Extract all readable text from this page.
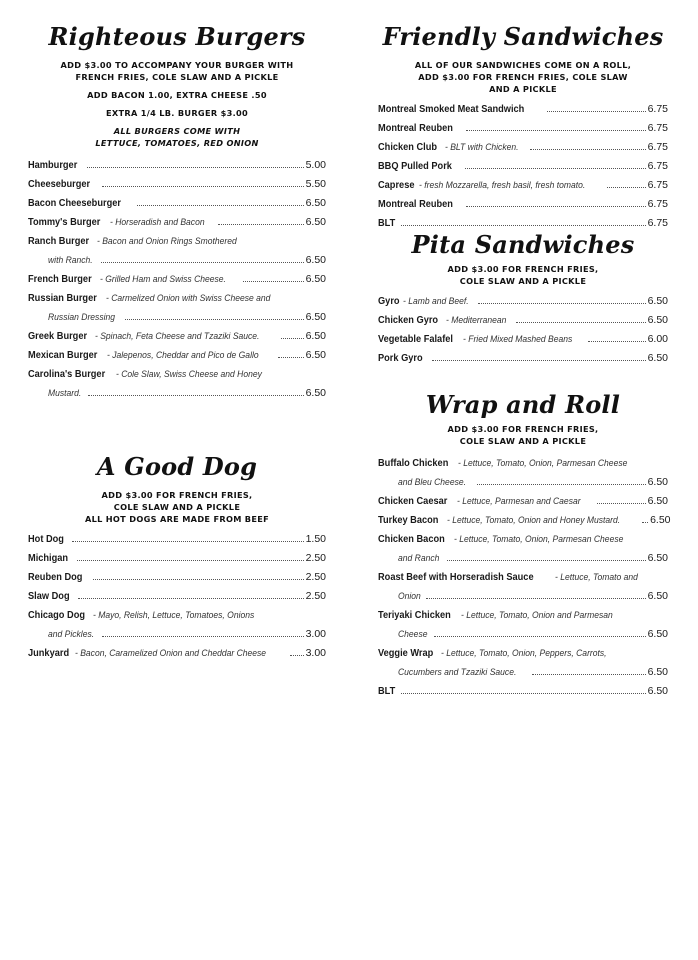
Righteous Burgers
ADD $3.00 TO ACCOMPANY YOUR BURGER WITH
FRENCH FRIES, COLE SLAW AND A PICKLE
ADD BACON 1.00, EXTRA CHEESE .50
EXTRA 1/4 LB. BURGER $3.00
ALL BURGERS COME WITH
LETTUCE, TOMATOES, RED ONION
Hamburger	5.00
Cheeseburger	5.50
Bacon Cheeseburger	6.50
Tommy's Burger - Horseradish and Bacon	6.50
Ranch Burger - Bacon and Onion Rings Smothered
with Ranch.	6.50
French Burger - Grilled Ham and Swiss Cheese.	6.50
Russian Burger - Carmelized Onion with Swiss Cheese and
Russian Dressing	6.50
Greek Burger - Spinach, Feta Cheese and Tzaziki Sauce.	6.50
Mexican Burger - Jalepenos, Cheddar and Pico de Gallo	6.50
Carolina's Burger - Cole Slaw, Swiss Cheese and Honey
Mustard.	6.50
A Good Dog
ADD $3.00 FOR FRENCH FRIES,
COLE SLAW AND A PICKLE
ALL HOT DOGS ARE MADE FROM BEEF
Hot Dog	1.50
Michigan	2.50
Reuben Dog	2.50
Slaw Dog	2.50
Chicago Dog - Mayo, Relish, Lettuce, Tomatoes, Onions
and Pickles.	3.00
Junkyard - Bacon, Caramelized Onion and Cheddar Cheese	3.00
Friendly Sandwiches
ALL OF OUR SANDWICHES COME ON A ROLL,
ADD $3.00 FOR FRENCH FRIES, COLE SLAW
AND A PICKLE
Montreal Smoked Meat Sandwich	6.75
Montreal Reuben	6.75
Chicken Club - BLT with Chicken.	6.75
BBQ Pulled Pork	6.75
Caprese - fresh Mozzarella, fresh basil, fresh tomato.	6.75
Montreal Reuben	6.75
BLT	6.75
Pita Sandwiches
ADD $3.00 FOR FRENCH FRIES,
COLE SLAW AND A PICKLE
Gyro - Lamb and Beef.	6.50
Chicken Gyro - Mediterranean	6.50
Vegetable Falafel - Fried Mixed Mashed Beans	6.00
Pork Gyro	6.50
Wrap and Roll
ADD $3.00 FOR FRENCH FRIES,
COLE SLAW AND A PICKLE
Buffalo Chicken - Lettuce, Tomato, Onion, Parmesan Cheese
and Bleu Cheese.	6.50
Chicken Caesar - Lettuce, Parmesan and Caesar	6.50
Turkey Bacon - Lettuce, Tomato, Onion and Honey Mustard.	6.50
Chicken Bacon - Lettuce, Tomato, Onion, Parmesan Cheese
and Ranch	6.50
Roast Beef with Horseradish Sauce - Lettuce, Tomato and
Onion	6.50
Teriyaki Chicken - Lettuce, Tomato, Onion and Parmesan
Cheese	6.50
Veggie Wrap - Lettuce, Tomato, Onion, Peppers, Carrots,
Cucumbers and Tzaziki Sauce.	6.50
BLT	6.50
